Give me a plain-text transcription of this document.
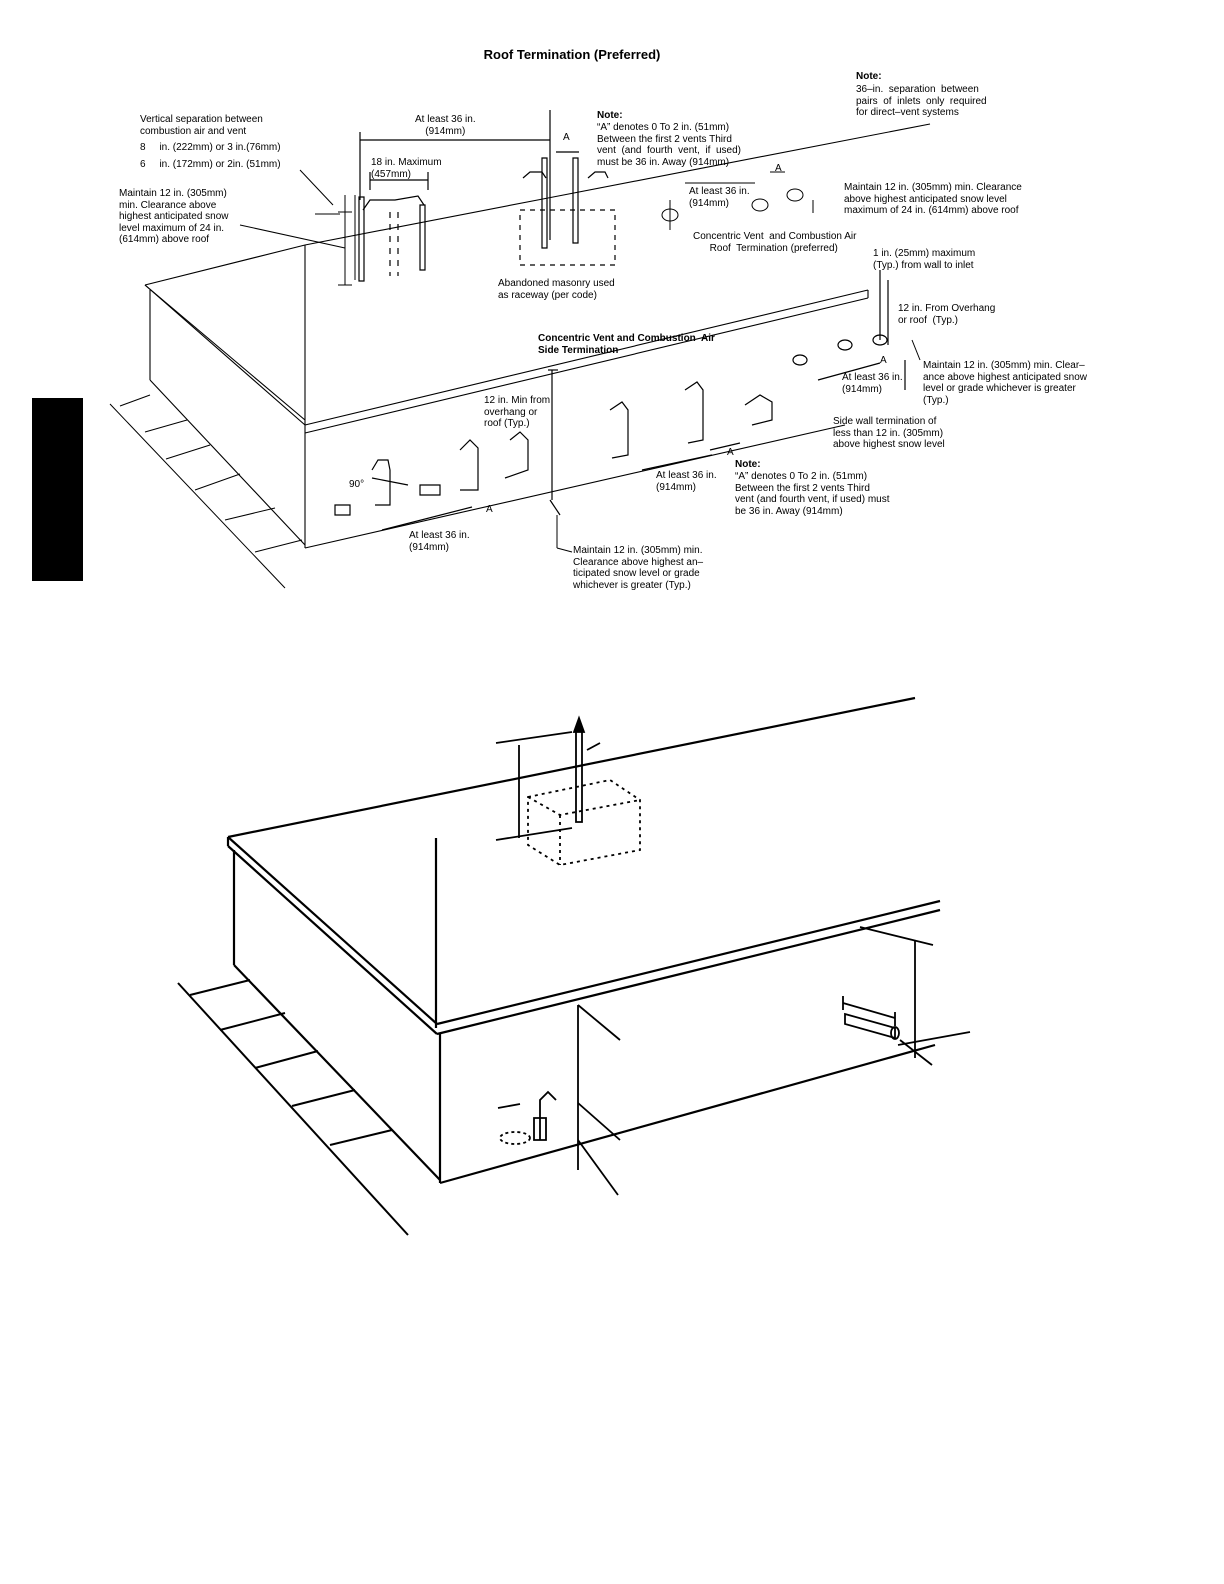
Roof Termination (Preferred)
Vertical separation between
combustion air and vent
8     in. (222mm) or 3 in.(76mm)
6     in. (172mm) or 2in. (51mm)
Maintain 12 in. (305mm)
min. Clearance above
highest anticipated snow
level maximum of 24 in.
(614mm) above roof
At least 36 in.
(914mm)
18 in. Maximum
(457mm)
Note:
“A” denotes 0 To 2 in. (51mm)
Between the first 2 vents Third
vent  (and  fourth  vent,  if  used)
must be 36 in. Away (914mm)
A
Abandoned masonry used
as raceway (per code)
At least 36 in.
(914mm)
A
Note:
36–in.  separation  between
pairs  of  inlets  only  required
for direct–vent systems
Maintain 12 in. (305mm) min. Clearance
above highest anticipated snow level
maximum of 24 in. (614mm) above roof
Concentric Vent  and Combustion Air
Roof  Termination (preferred)	1 in. (25mm) maximum
(Typ.) from wall to inlet
12 in. From Overhang
or roof  (Typ.)
Concentric Vent and Combustion  Air
Side Termination
Maintain 12 in. (305mm) min. Clear–
ance above highest anticipated snow
level or grade whichever is greater
(Typ.)
At least 36 in.
(914mm)
A
Side wall termination of
less than 12 in. (305mm)
above highest snow level
12 in. Min from
overhang or
roof (Typ.)
90°
At least 36 in.
(914mm)
A
Note:
“A” denotes 0 To 2 in. (51mm)
Between the first 2 vents Third
vent (and fourth vent, if used) must
be 36 in. Away (914mm)
A
At least 36 in.
(914mm)	Maintain 12 in. (305mm) min.
Clearance above highest an–
ticipated snow level or grade
whichever is greater (Typ.)
